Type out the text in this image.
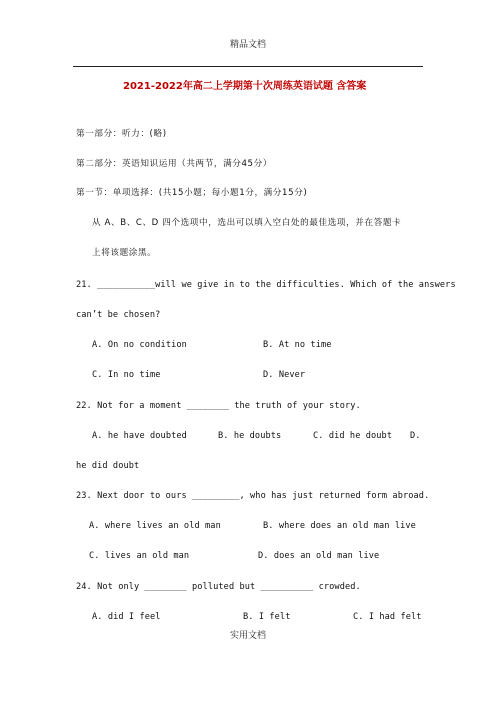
精品文档
2021-2022年高二上学期第十次周练英语试题 含答案
第一部分：听力：(略)
第二部分：英语知识运用（共两节，满分45分）
第一节：单项选择：(共15小题；每小题1分，满分15分)
从 A、B、C、D 四个选项中，选出可以填入空白处的最佳选项，并在答题卡
上将该题涂黑。
21. ___________will we give in to the difficulties. Which of the answers
can’t be chosen?
A. On no condition	B. At no time
C. In no time	D. Never
22. Not for a moment ________ the truth of your story.
A. he have doubted	B. he doubts	C. did he doubt D.
he did doubt
23. Next door to ours _________, who has just returned form abroad.
A. where lives an old man	B. where does an old man live
C. lives an old man	D. does an old man live
24. Not only ________ polluted but __________ crowded.
A. did I feel	B. I felt	C. I had felt
实用文档
